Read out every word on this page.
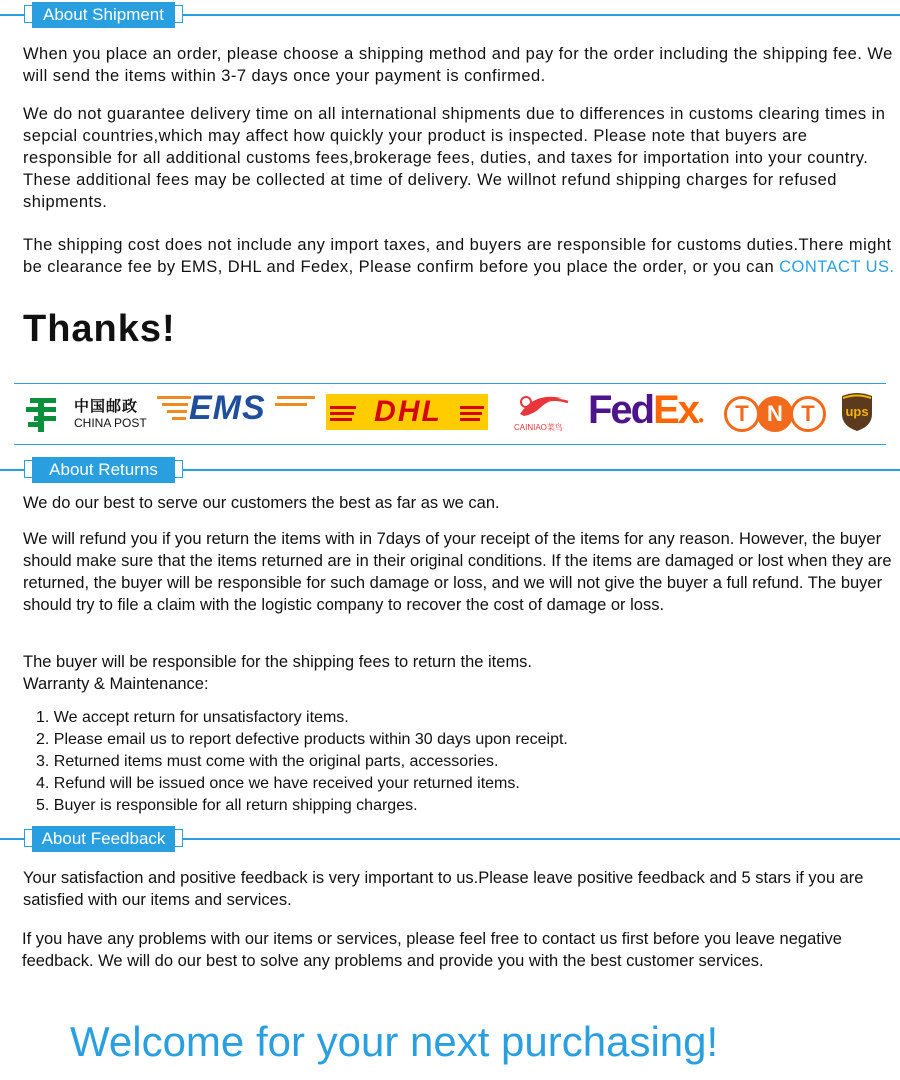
About Shipment

When you place an order, please choose a shipping method and pay for the order including the shipping fee. We will send the items within 3-7 days once your payment is confirmed.

We do not guarantee delivery time on all international shipments due to differences in customs clearing times in sepcial countries,which may affect how quickly your product is inspected. Please note that buyers are responsible for all additional customs fees,brokerage fees, duties, and taxes for importation into your country. These additional fees may be collected at time of delivery. We willnot refund shipping charges for refused shipments.

The shipping cost does not include any import taxes, and buyers are responsible for customs duties.There might be clearance fee by EMS, DHL and Fedex, Please confirm before you place the order, or you can CONTACT US.

Thanks!
中国邮政
CHINA POST EMS	DHL	CAINIAO菜鸟 FedEx●	T N T	ups
About Returns

We do our best to serve our customers the best as far as we can.

We will refund you if you return the items with in 7days of your receipt of the items for any reason. However, the buyer should make sure that the items returned are in their original conditions. If the items are damaged or lost when they are returned, the buyer will be responsible for such damage or loss, and we will not give the buyer a full refund. The buyer should try to file a claim with the logistic company to recover the cost of damage or loss.

The buyer will be responsible for the shipping fees to return the items.
Warranty & Maintenance:

1. We accept return for unsatisfactory items.
2. Please email us to report defective products within 30 days upon receipt.
3. Returned items must come with the original parts, accessories.
4. Refund will be issued once we have received your returned items.
5. Buyer is responsible for all return shipping charges.
About Feedback

Your satisfaction and positive feedback is very important to us.Please leave positive feedback and 5 stars if you are satisfied with our items and services.

If you have any problems with our items or services, please feel free to contact us first before you leave negative feedback. We will do our best to solve any problems and provide you with the best customer services.

Welcome for your next purchasing!
